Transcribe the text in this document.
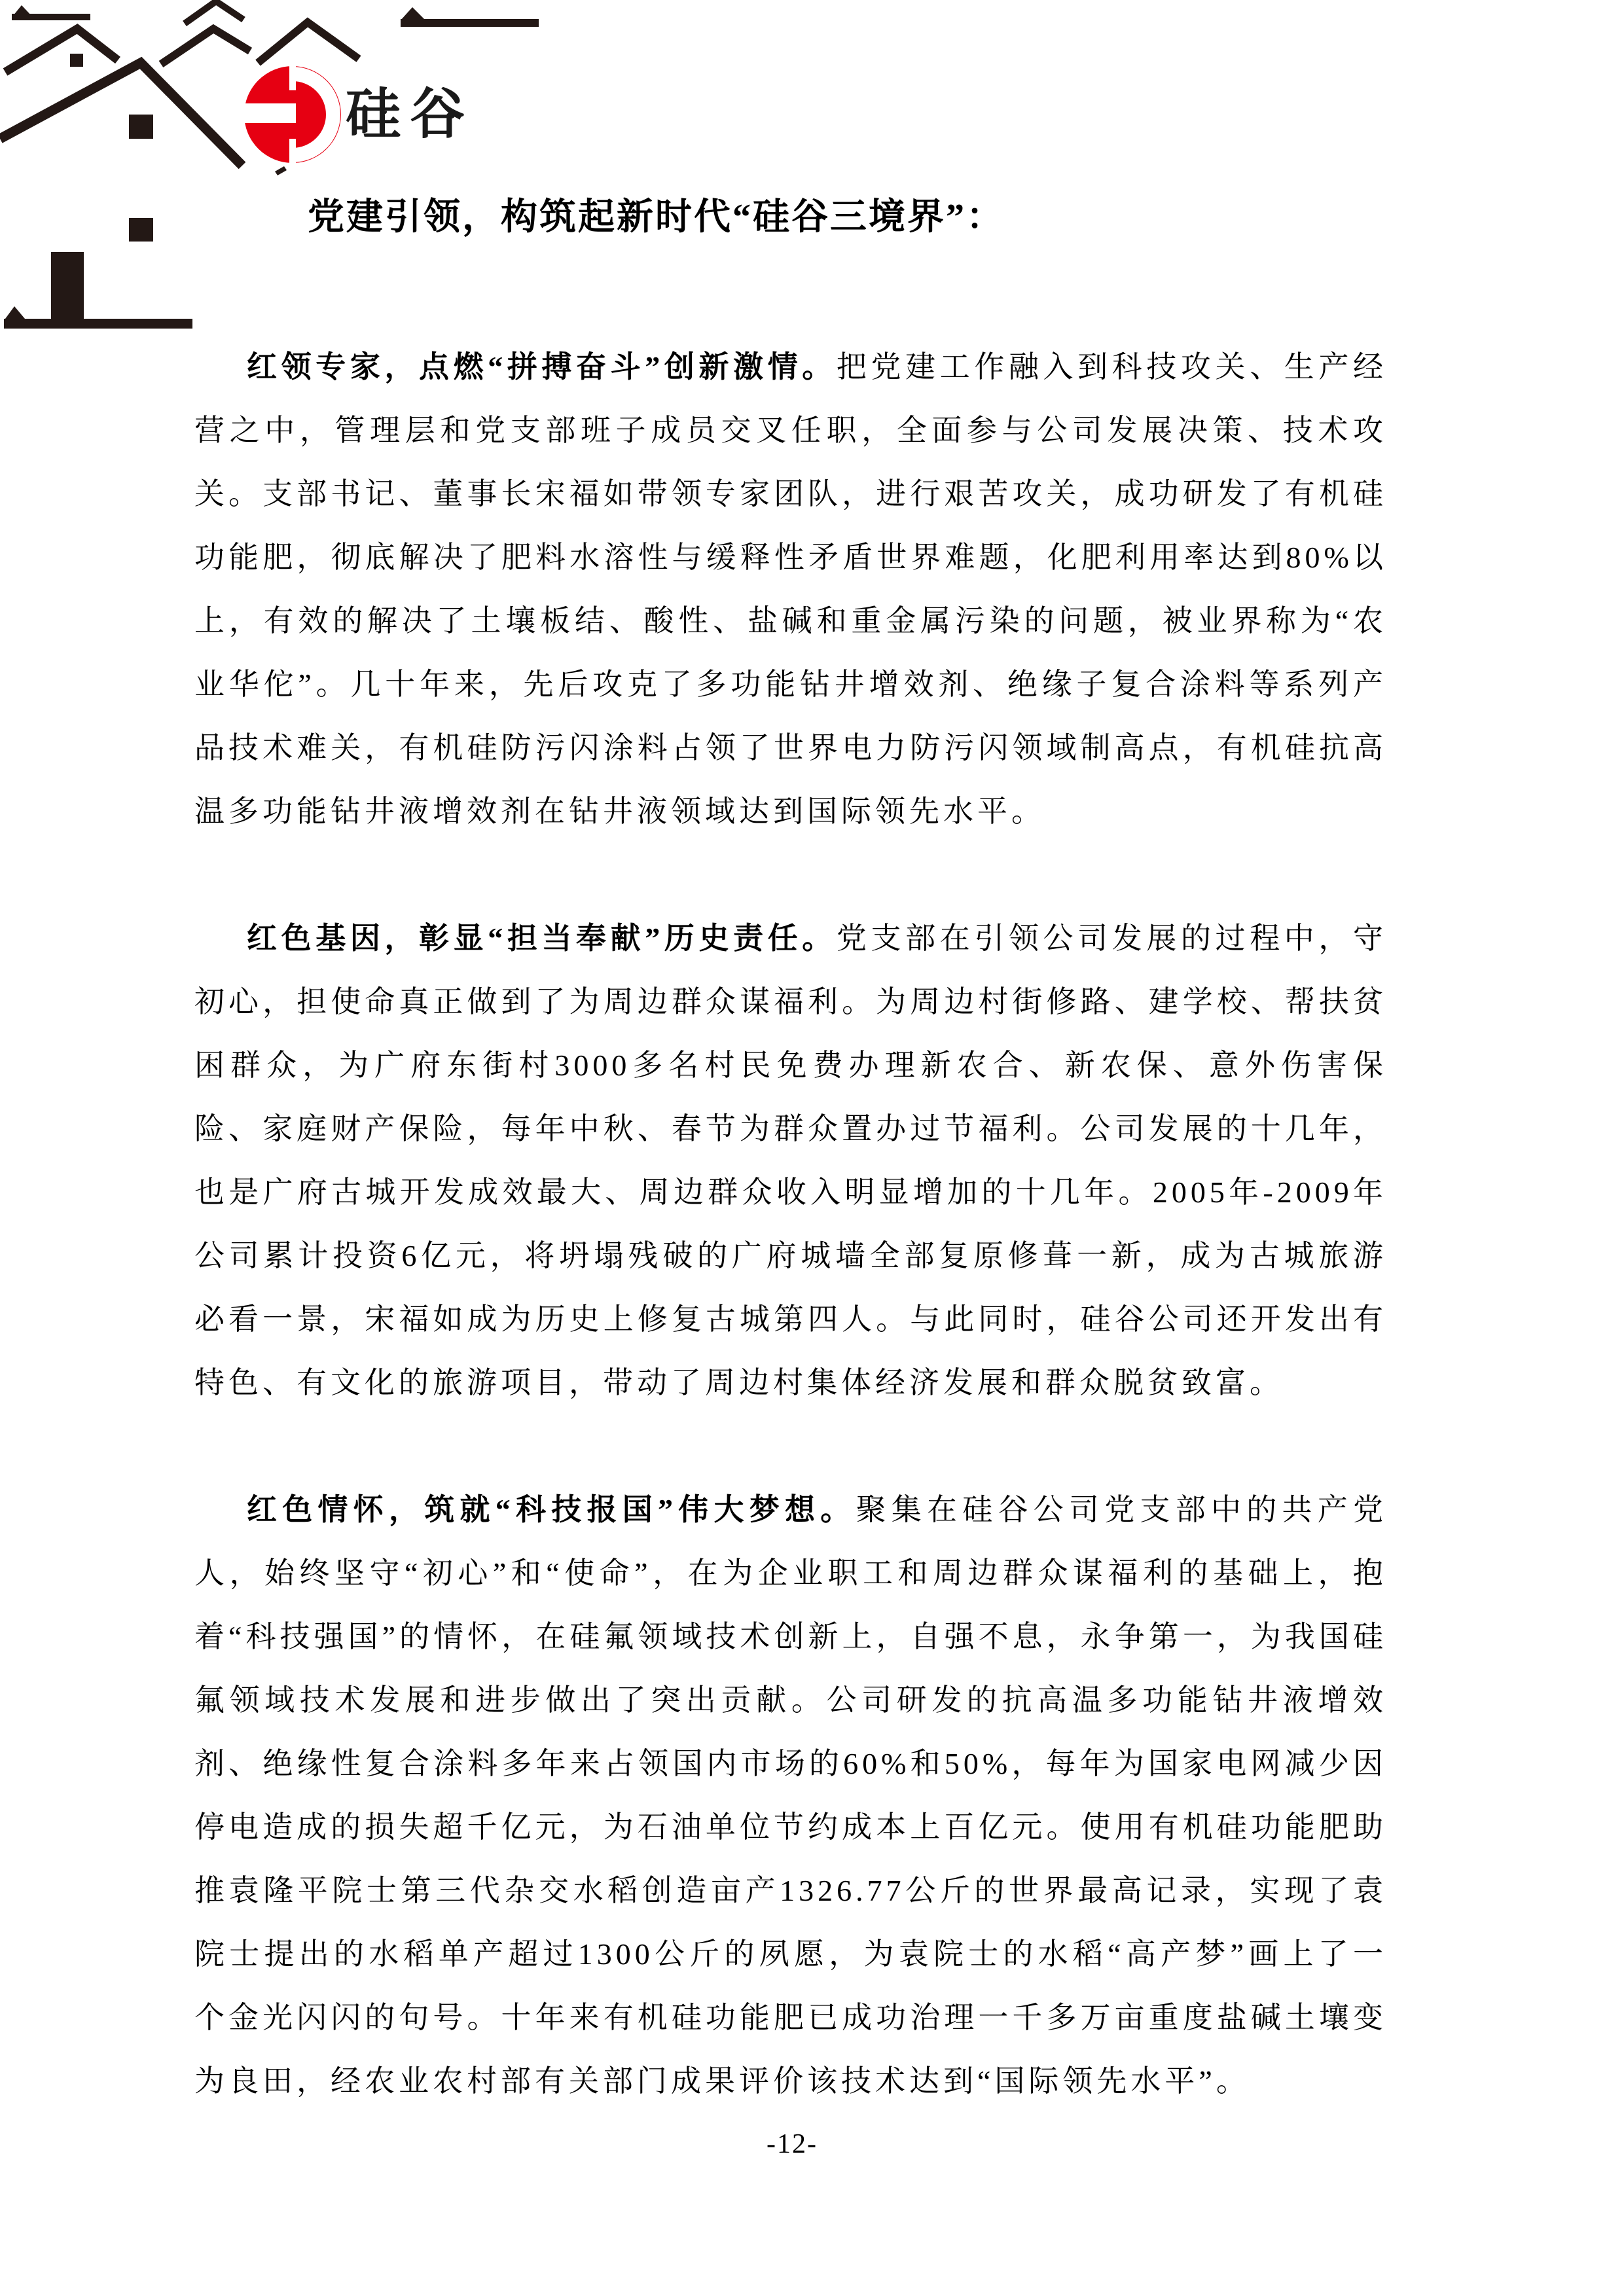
硅谷
党建引领，构筑起新时代“硅谷三境界”：

红领专家，点燃“拼搏奋斗”创新激情。把党建工作融入到科技攻关、生产经营之中，管理层和党支部班子成员交叉任职，全面参与公司发展决策、技术攻关。支部书记、董事长宋福如带领专家团队，进行艰苦攻关，成功研发了有机硅功能肥，彻底解决了肥料水溶性与缓释性矛盾世界难题，化肥利用率达到80%以上，有效的解决了土壤板结、酸性、盐碱和重金属污染的问题，被业界称为“农业华佗”。几十年来，先后攻克了多功能钻井增效剂、绝缘子复合涂料等系列产品技术难关，有机硅防污闪涂料占领了世界电力防污闪领域制高点，有机硅抗高温多功能钻井液增效剂在钻井液领域达到国际领先水平。

红色基因，彰显“担当奉献”历史责任。党支部在引领公司发展的过程中，守初心，担使命真正做到了为周边群众谋福利。为周边村街修路、建学校、帮扶贫困群众，为广府东街村3000多名村民免费办理新农合、新农保、意外伤害保险、家庭财产保险，每年中秋、春节为群众置办过节福利。公司发展的十几年，也是广府古城开发成效最大、周边群众收入明显增加的十几年。2005年-2009年公司累计投资6亿元，将坍塌残破的广府城墙全部复原修葺一新，成为古城旅游必看一景，宋福如成为历史上修复古城第四人。与此同时，硅谷公司还开发出有特色、有文化的旅游项目，带动了周边村集体经济发展和群众脱贫致富。

红色情怀，筑就“科技报国”伟大梦想。聚集在硅谷公司党支部中的共产党人，始终坚守“初心”和“使命”，在为企业职工和周边群众谋福利的基础上，抱着“科技强国”的情怀，在硅氟领域技术创新上，自强不息，永争第一，为我国硅氟领域技术发展和进步做出了突出贡献。公司研发的抗高温多功能钻井液增效剂、绝缘性复合涂料多年来占领国内市场的60%和50%，每年为国家电网减少因停电造成的损失超千亿元，为石油单位节约成本上百亿元。使用有机硅功能肥助推袁隆平院士第三代杂交水稻创造亩产1326.77公斤的世界最高记录，实现了袁院士提出的水稻单产超过1300公斤的夙愿，为袁院士的水稻“高产梦”画上了一个金光闪闪的句号。十年来有机硅功能肥已成功治理一千多万亩重度盐碱土壤变为良田，经农业农村部有关部门成果评价该技术达到“国际领先水平”。

-12-
